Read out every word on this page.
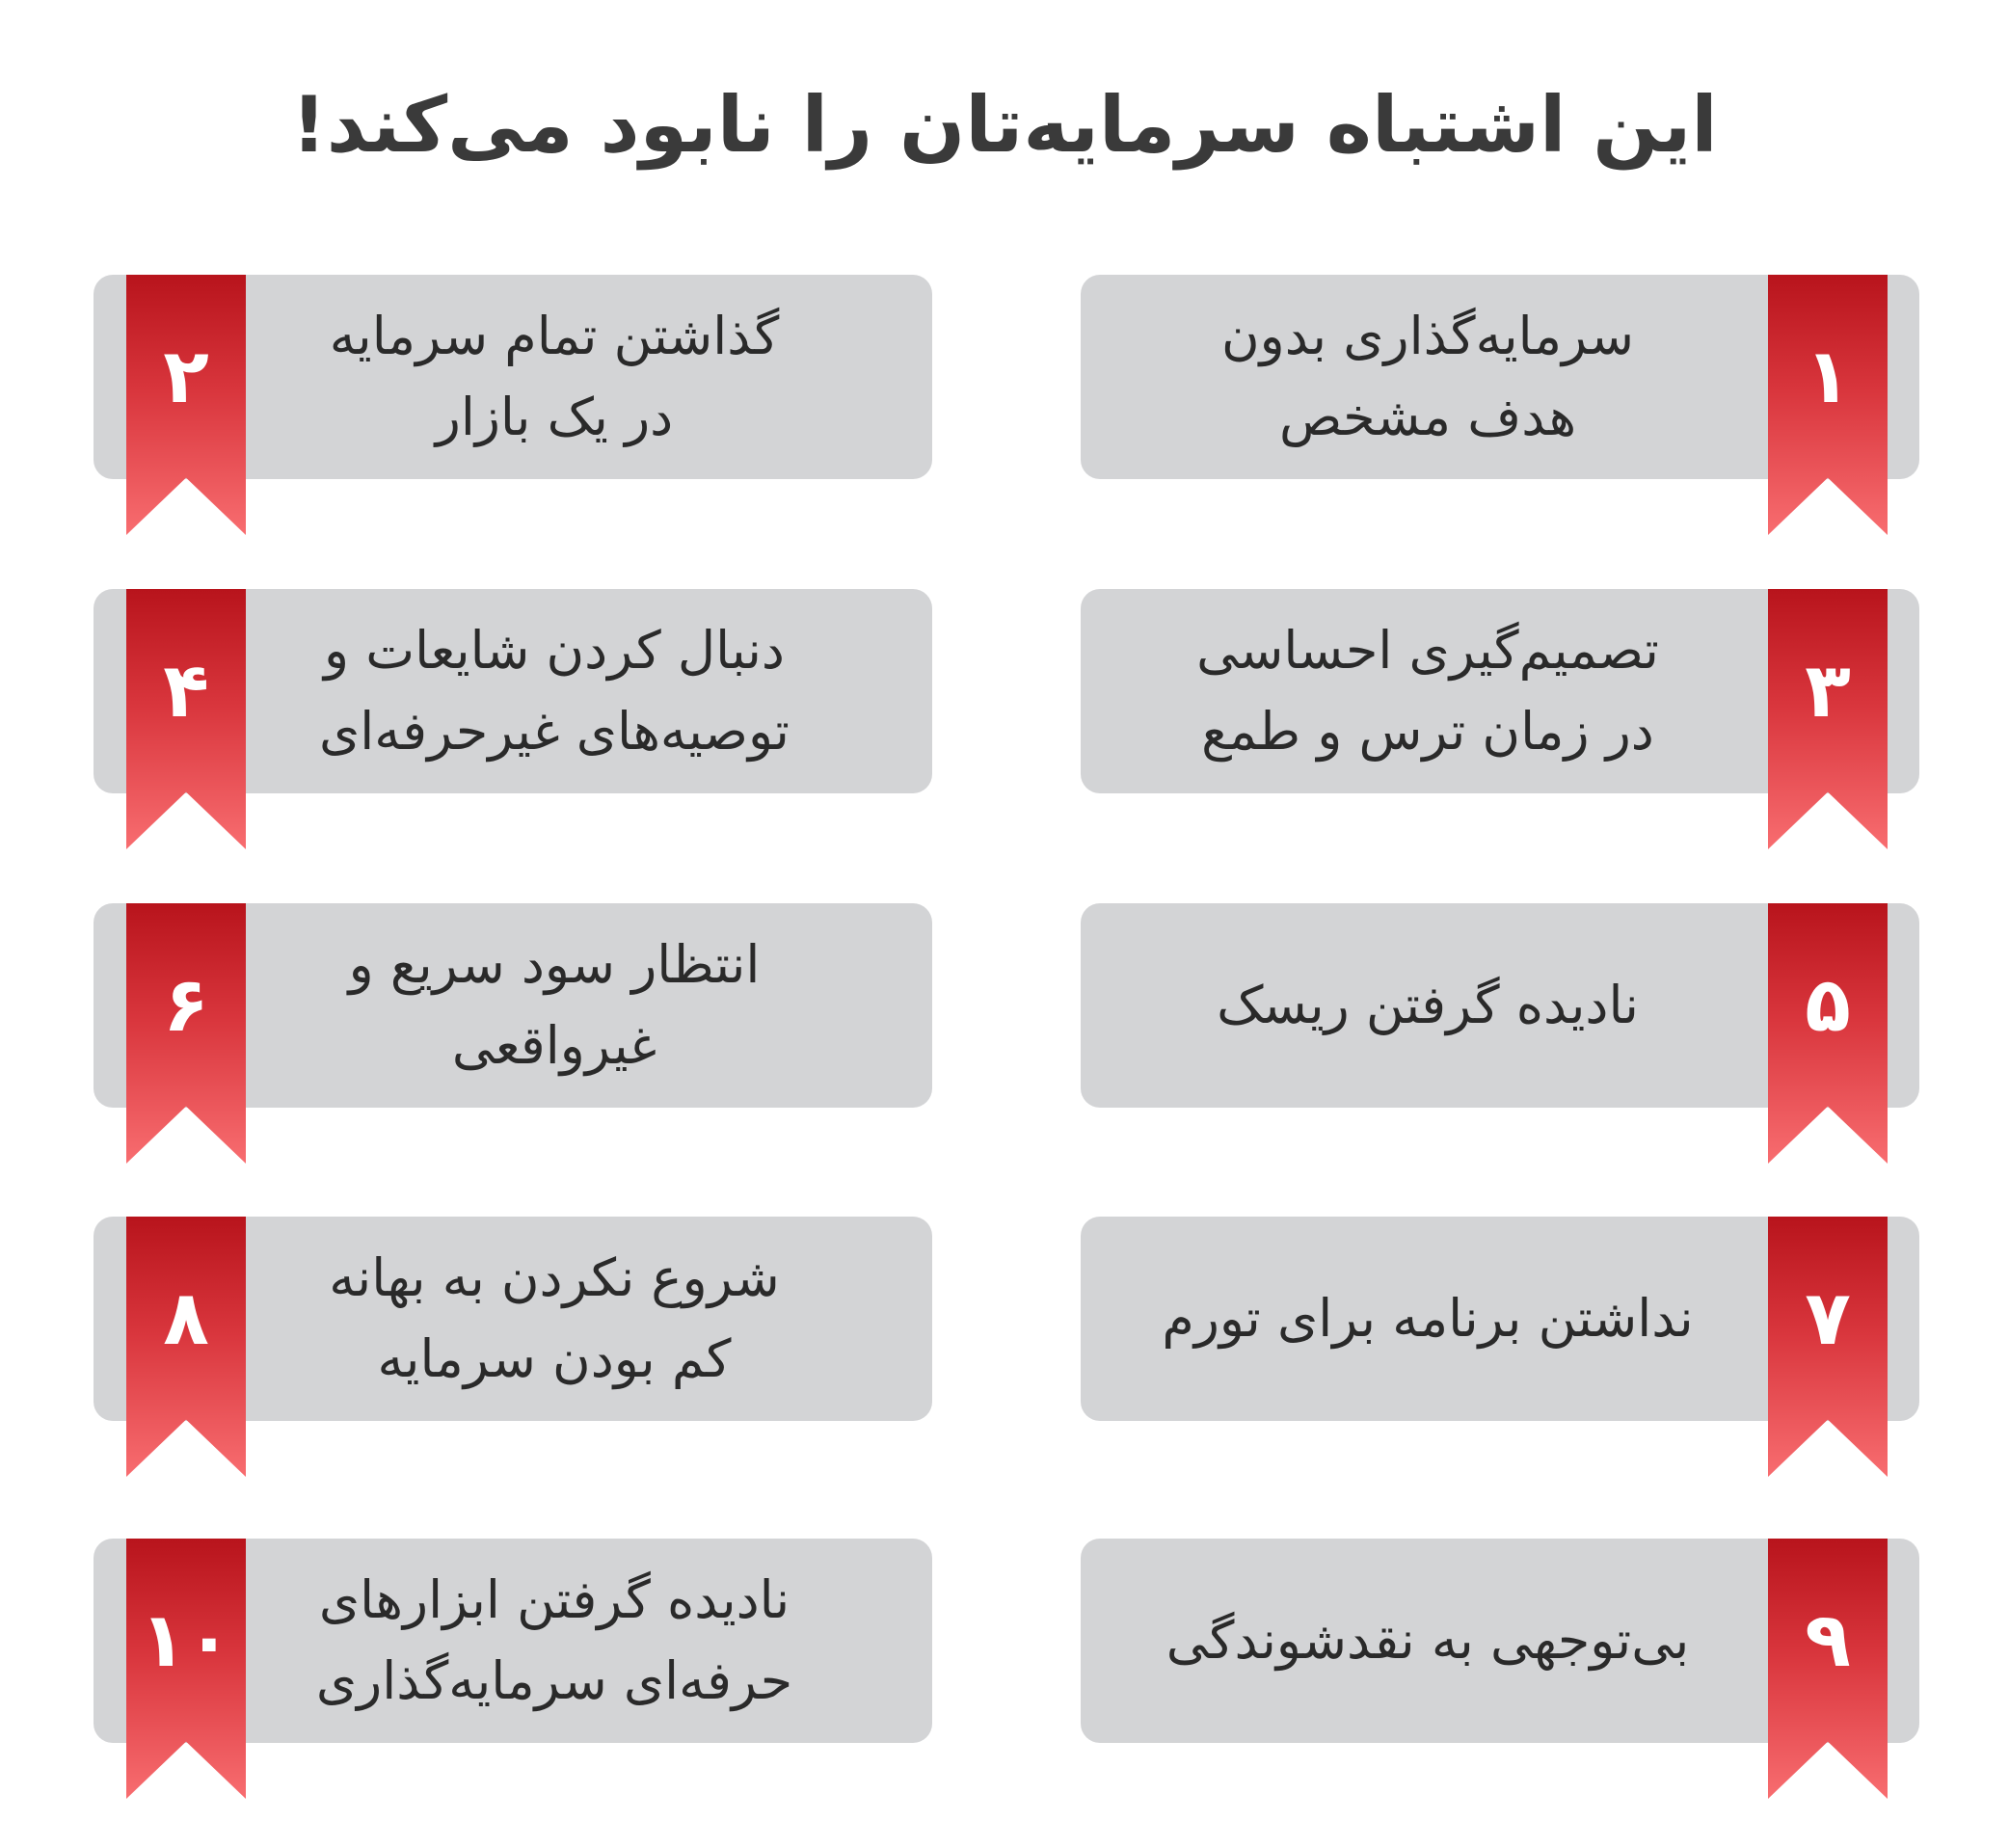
این اشتباه سرمایه‌تان را نابود می‌کند!
سرمایه‌گذاری بدون
هدف مشخص	۱
گذاشتن تمام سرمایه
در یک بازار
۲
تصمیم‌گیری احساسی
در زمان ترس و طمع	۳
دنبال کردن شایعات و
توصیه‌های غیرحرفه‌ای
۴
نادیده گرفتن ریسک	۵
انتظار سود سریع و
غیرواقعی
۶
نداشتن برنامه برای تورم	۷
شروع نکردن به بهانه
کم بودن سرمایه
۸
بی‌توجهی به نقدشوندگی	۹
نادیده گرفتن ابزارهای
حرفه‌ای سرمایه‌گذاری
۱۰
